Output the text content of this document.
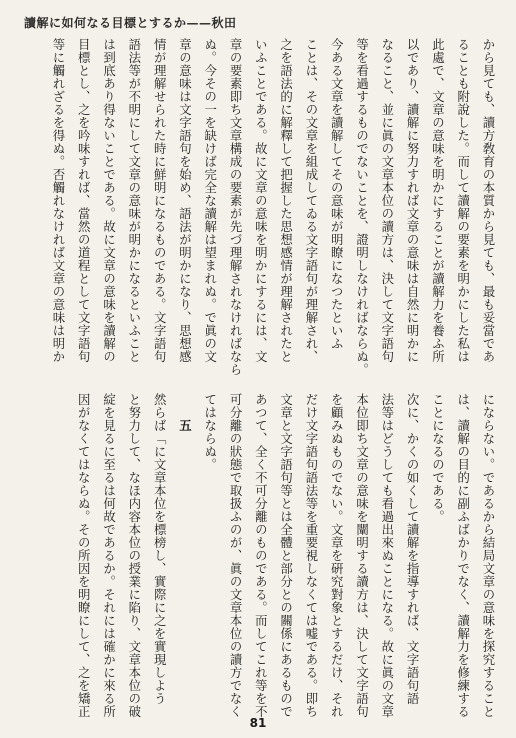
讀解に如何なる目標とするか——秋田
から見ても、讀方敎育の本質から見ても、最も妥當であ
ることも附說した。而して讀解の要素を明かにした私は
此處で、文章の意味を明かにすることが讀解力を養ふ所
以であり、讀解に努力すれば文章の意味は自然に明かに
なること、並に眞の文章本位の讀方は、決して文字語句
等を看過するものでないことを、證明しなければならぬ。
今ある文章を讀解してその意味が明瞭になつたといふ
ことは、その文章を組成してゐる文字語句が理解され、
之を語法的に解釋して把握した思想感情が理解されたと
いふことである。故に文章の意味を明かにするには、文
章の要素即ち文章構成の要素が先づ理解されなければなら
ぬ。今その一を缺けば完全な讀解は望まれぬ。で眞の文
章の意味は文字語句を始め、語法が明かになり、思想感
情が理解せられた時に鮮明になるものである。文字語句
語法等が不明にして文章の意味が明かになるといふこと
は到底あり得ないことである。故に文章の意味を讀解の
目標とし、之を吟味すれば、當然の道程として文字語句
等に觸れざるを得ぬ。否觸れなければ文章の意味は明か
にならない。であるから結局文章の意味を探究すること
は、讀解の目的に副ふばかりでなく、讀解力を修練する
ことになるのである。
次に、かくの如くして讀解を指導すれば、文字語句語
法等はどうしても看過出來ぬことになる。故に眞の文章
本位即ち文章の意味を闡明する讀方は、決して文字語句
を顧みぬものでない。文章を硏究對象とするだけ、それ
だけ文字語句語法等を重要視しなくては嘘である。即ち
文章と文字語句等とは全體と部分との關係にあるもので
あつて、全く不可分離のものである。而してこれ等を不
可分離の狀態で取扱ふのが、眞の文章本位の讀方でなく
てはならぬ。
五
然らば「に文章本位を標榜し、實際に之を實現しよう
と努力して、なほ内容本位の授業に陷り、文章本位の破
綻を見るに至るは何故であるか。それには確かに來る所
因がなくてはならぬ。その所因を明瞭にして、之を矯正
81
